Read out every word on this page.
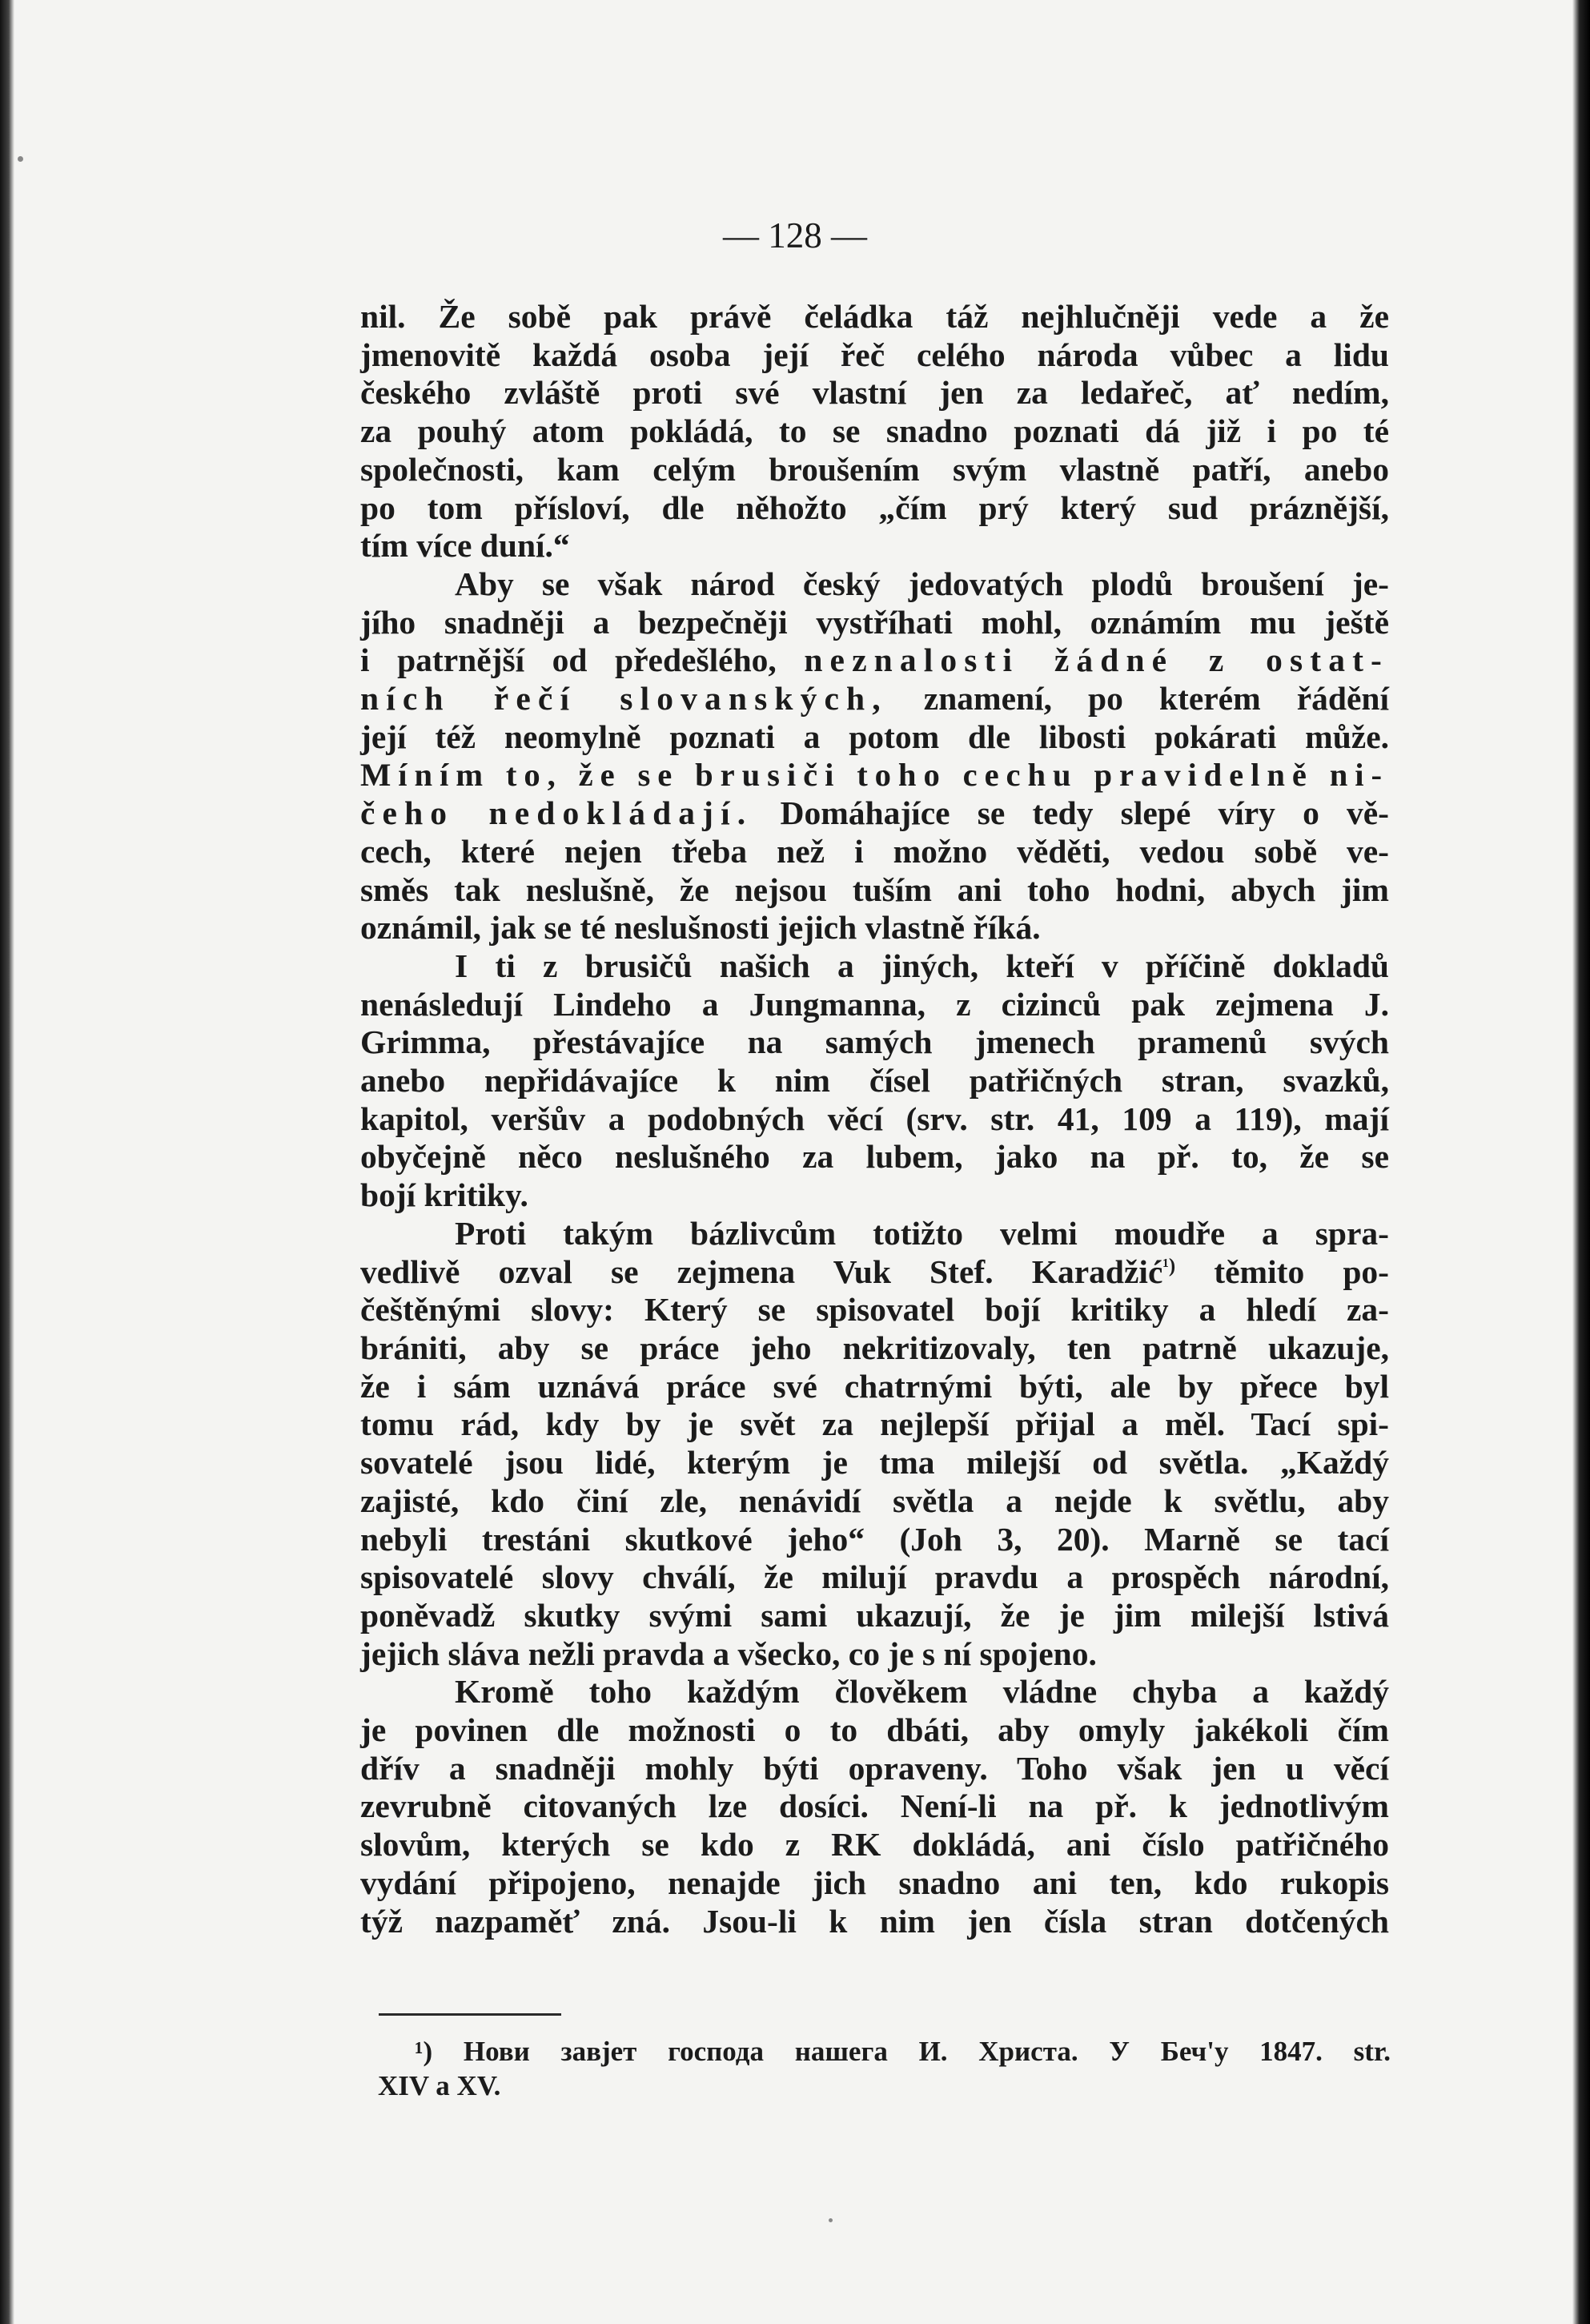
— 128 —
nil. Že sobě pak právě čeládka táž nejhlučněji vede a že
jmenovitě každá osoba její řeč celého národa vůbec a lidu
českého zvláště proti své vlastní jen za ledařeč, ať nedím,
za pouhý atom pokládá, to se snadno poznati dá již i po té
společnosti, kam celým broušením svým vlastně patří, anebo
po tom přísloví, dle něhožto „čím prý který sud práznější,
tím více duní.“
Aby se však národ český jedovatých plodů broušení je-
jího snadněji a bezpečněji vystříhati mohl, oznámím mu ještě
i patrnější od předešlého, neznalosti žádné z ostat-
ních řečí slovanských, znamení, po kterém řádění
její též neomylně poznati a potom dle libosti pokárati může.
Míním to, že se brusiči toho cechu pravidelně ni-
čeho nedokládají. Domáhajíce se tedy slepé víry o vě-
cech, které nejen třeba než i možno věděti, vedou sobě ve-
směs tak neslušně, že nejsou tuším ani toho hodni, abych jim
oznámil, jak se té neslušnosti jejich vlastně říká.
I ti z brusičů našich a jiných, kteří v příčině dokladů
nenásledují Lindeho a Jungmanna, z cizinců pak zejmena J.
Grimma, přestávajíce na samých jmenech pramenů svých
anebo nepřidávajíce k nim čísel patřičných stran, svazků,
kapitol, veršův a podobných věcí (srv. str. 41, 109 a 119), mají
obyčejně něco neslušného za lubem, jako na př. to, že se
bojí kritiky.
Proti takým bázlivcům totižto velmi moudře a spra-
vedlivě ozval se zejmena Vuk Stef. Karadžić$^{^1)}$ těmito po-
češtěnými slovy: Který se spisovatel bojí kritiky a hledí za-
brániti, aby se práce jeho nekritizovaly, ten patrně ukazuje,
že i sám uznává práce své chatrnými býti, ale by přece byl
tomu rád, kdy by je svět za nejlepší přijal a měl. Tací spi-
sovatelé jsou lidé, kterým je tma milejší od světla. „Každý
zajisté, kdo činí zle, nenávidí světla a nejde k světlu, aby
nebyli trestáni skutkové jeho“ (Joh 3, 20). Marně se tací
spisovatelé slovy chválí, že milují pravdu a prospěch národní,
poněvadž skutky svými sami ukazují, že je jim milejší lstivá
jejich sláva nežli pravda a všecko, co je s ní spojeno.
Kromě toho každým člověkem vládne chyba a každý
je povinen dle možnosti o to dbáti, aby omyly jakékoli čím
dřív a snadněji mohly býti opraveny. Toho však jen u věcí
zevrubně citovaných lze dosíci. Není-li na př. k jednotlivým
slovům, kterých se kdo z RK dokládá, ani číslo patřičného
vydání připojeno, nenajde jich snadno ani ten, kdo rukopis
týž nazpaměť zná. Jsou-li k nim jen čísla stran dotčených
¹) Нови завјет господа нашега И. Христа. У Беч'у 1847. str.
XIV a XV.
